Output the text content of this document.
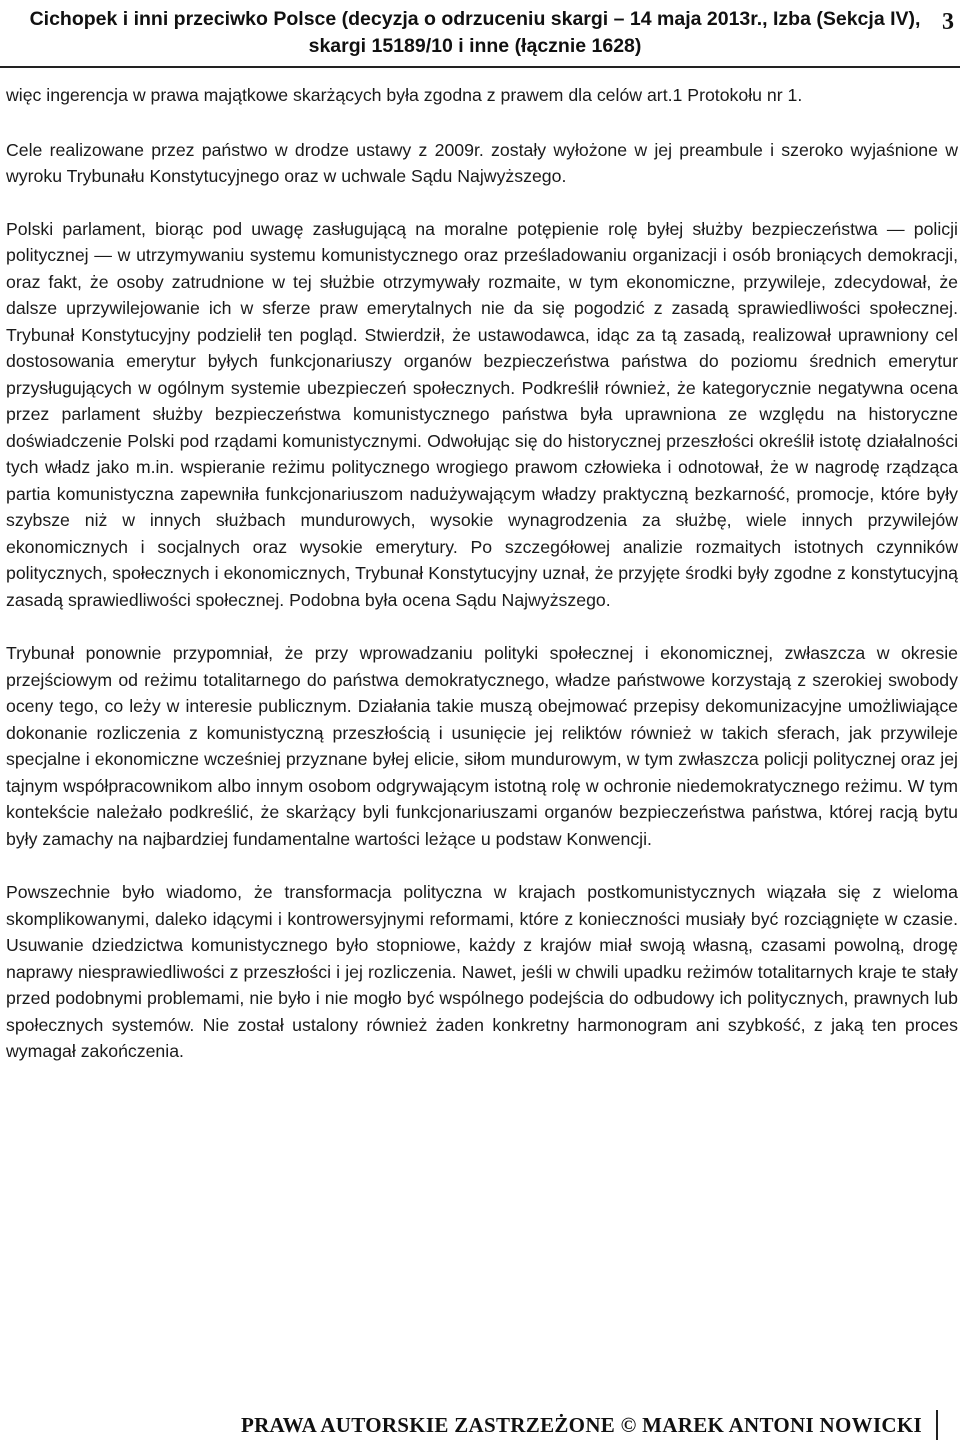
Cichopek i inni przeciwko Polsce (decyzja o odrzuceniu skargi – 14 maja 2013r., Izba (Sekcja IV), skargi 15189/10 i inne (łącznie 1628)
3

więc ingerencja w prawa majątkowe skarżących była zgodna z prawem dla celów art.1 Protokołu nr 1.

Cele realizowane przez państwo w drodze ustawy z 2009r. zostały wyłożone w jej preambule i szeroko wyjaśnione w wyroku Trybunału Konstytucyjnego oraz w uchwale Sądu Najwyższego.

Polski parlament, biorąc pod uwagę zasługującą na moralne potępienie rolę byłej służby bezpieczeństwa — policji politycznej — w utrzymywaniu systemu komunistycznego oraz prześladowaniu organizacji i osób broniących demokracji, oraz fakt, że osoby zatrudnione w tej służbie otrzymywały rozmaite, w tym ekonomiczne, przywileje, zdecydował, że dalsze uprzywilejowanie ich w sferze praw emerytalnych nie da się pogodzić z zasadą sprawiedliwości społecznej. Trybunał Konstytucyjny podzielił ten pogląd. Stwierdził, że ustawodawca, idąc za tą zasadą, realizował uprawniony cel dostosowania emerytur byłych funkcjonariuszy organów bezpieczeństwa państwa do poziomu średnich emerytur przysługujących w ogólnym systemie ubezpieczeń społecznych. Podkreślił również, że kategorycznie negatywna ocena przez parlament służby bezpieczeństwa komunistycznego państwa była uprawniona ze względu na historyczne doświadczenie Polski pod rządami komunistycznymi. Odwołując się do historycznej przeszłości określił istotę działalności tych władz jako m.in. wspieranie reżimu politycznego wrogiego prawom człowieka i odnotował, że w nagrodę rządząca partia komunistyczna zapewniła funkcjonariuszom nadużywającym władzy praktyczną bezkarność, promocje, które były szybsze niż w innych służbach mundurowych, wysokie wynagrodzenia za służbę, wiele innych przywilejów ekonomicznych i socjalnych oraz wysokie emerytury. Po szczegółowej analizie rozmaitych istotnych czynników politycznych, społecznych i ekonomicznych, Trybunał Konstytucyjny uznał, że przyjęte środki były zgodne z konstytucyjną zasadą sprawiedliwości społecznej. Podobna była ocena Sądu Najwyższego.

Trybunał ponownie przypomniał, że przy wprowadzaniu polityki społecznej i ekonomicznej, zwłaszcza w okresie przejściowym od reżimu totalitarnego do państwa demokratycznego, władze państwowe korzystają z szerokiej swobody oceny tego, co leży w interesie publicznym. Działania takie muszą obejmować przepisy dekomunizacyjne umożliwiające dokonanie rozliczenia z komunistyczną przeszłością i usunięcie jej reliktów również w takich sferach, jak przywileje specjalne i ekonomiczne wcześniej przyznane byłej elicie, siłom mundurowym, w tym zwłaszcza policji politycznej oraz jej tajnym współpracownikom albo innym osobom odgrywającym istotną rolę w ochronie niedemokratycznego reżimu. W tym kontekście należało podkreślić, że skarżący byli funkcjonariuszami organów bezpieczeństwa państwa, której racją bytu były zamachy na najbardziej fundamentalne wartości leżące u podstaw Konwencji.

Powszechnie było wiadomo, że transformacja polityczna w krajach postkomunistycznych wiązała się z wieloma skomplikowanymi, daleko idącymi i kontrowersyjnymi reformami, które z konieczności musiały być rozciągnięte w czasie. Usuwanie dziedzictwa komunistycznego było stopniowe, każdy z krajów miał swoją własną, czasami powolną, drogę naprawy niesprawiedliwości z przeszłości i jej rozliczenia. Nawet, jeśli w chwili upadku reżimów totalitarnych kraje te stały przed podobnymi problemami, nie było i nie mogło być wspólnego podejścia do odbudowy ich politycznych, prawnych lub społecznych systemów. Nie został ustalony również żaden konkretny harmonogram ani szybkość, z jaką ten proces wymagał zakończenia.

PRAWA AUTORSKIE ZASTRZEŻONE © MAREK ANTONI NOWICKI
